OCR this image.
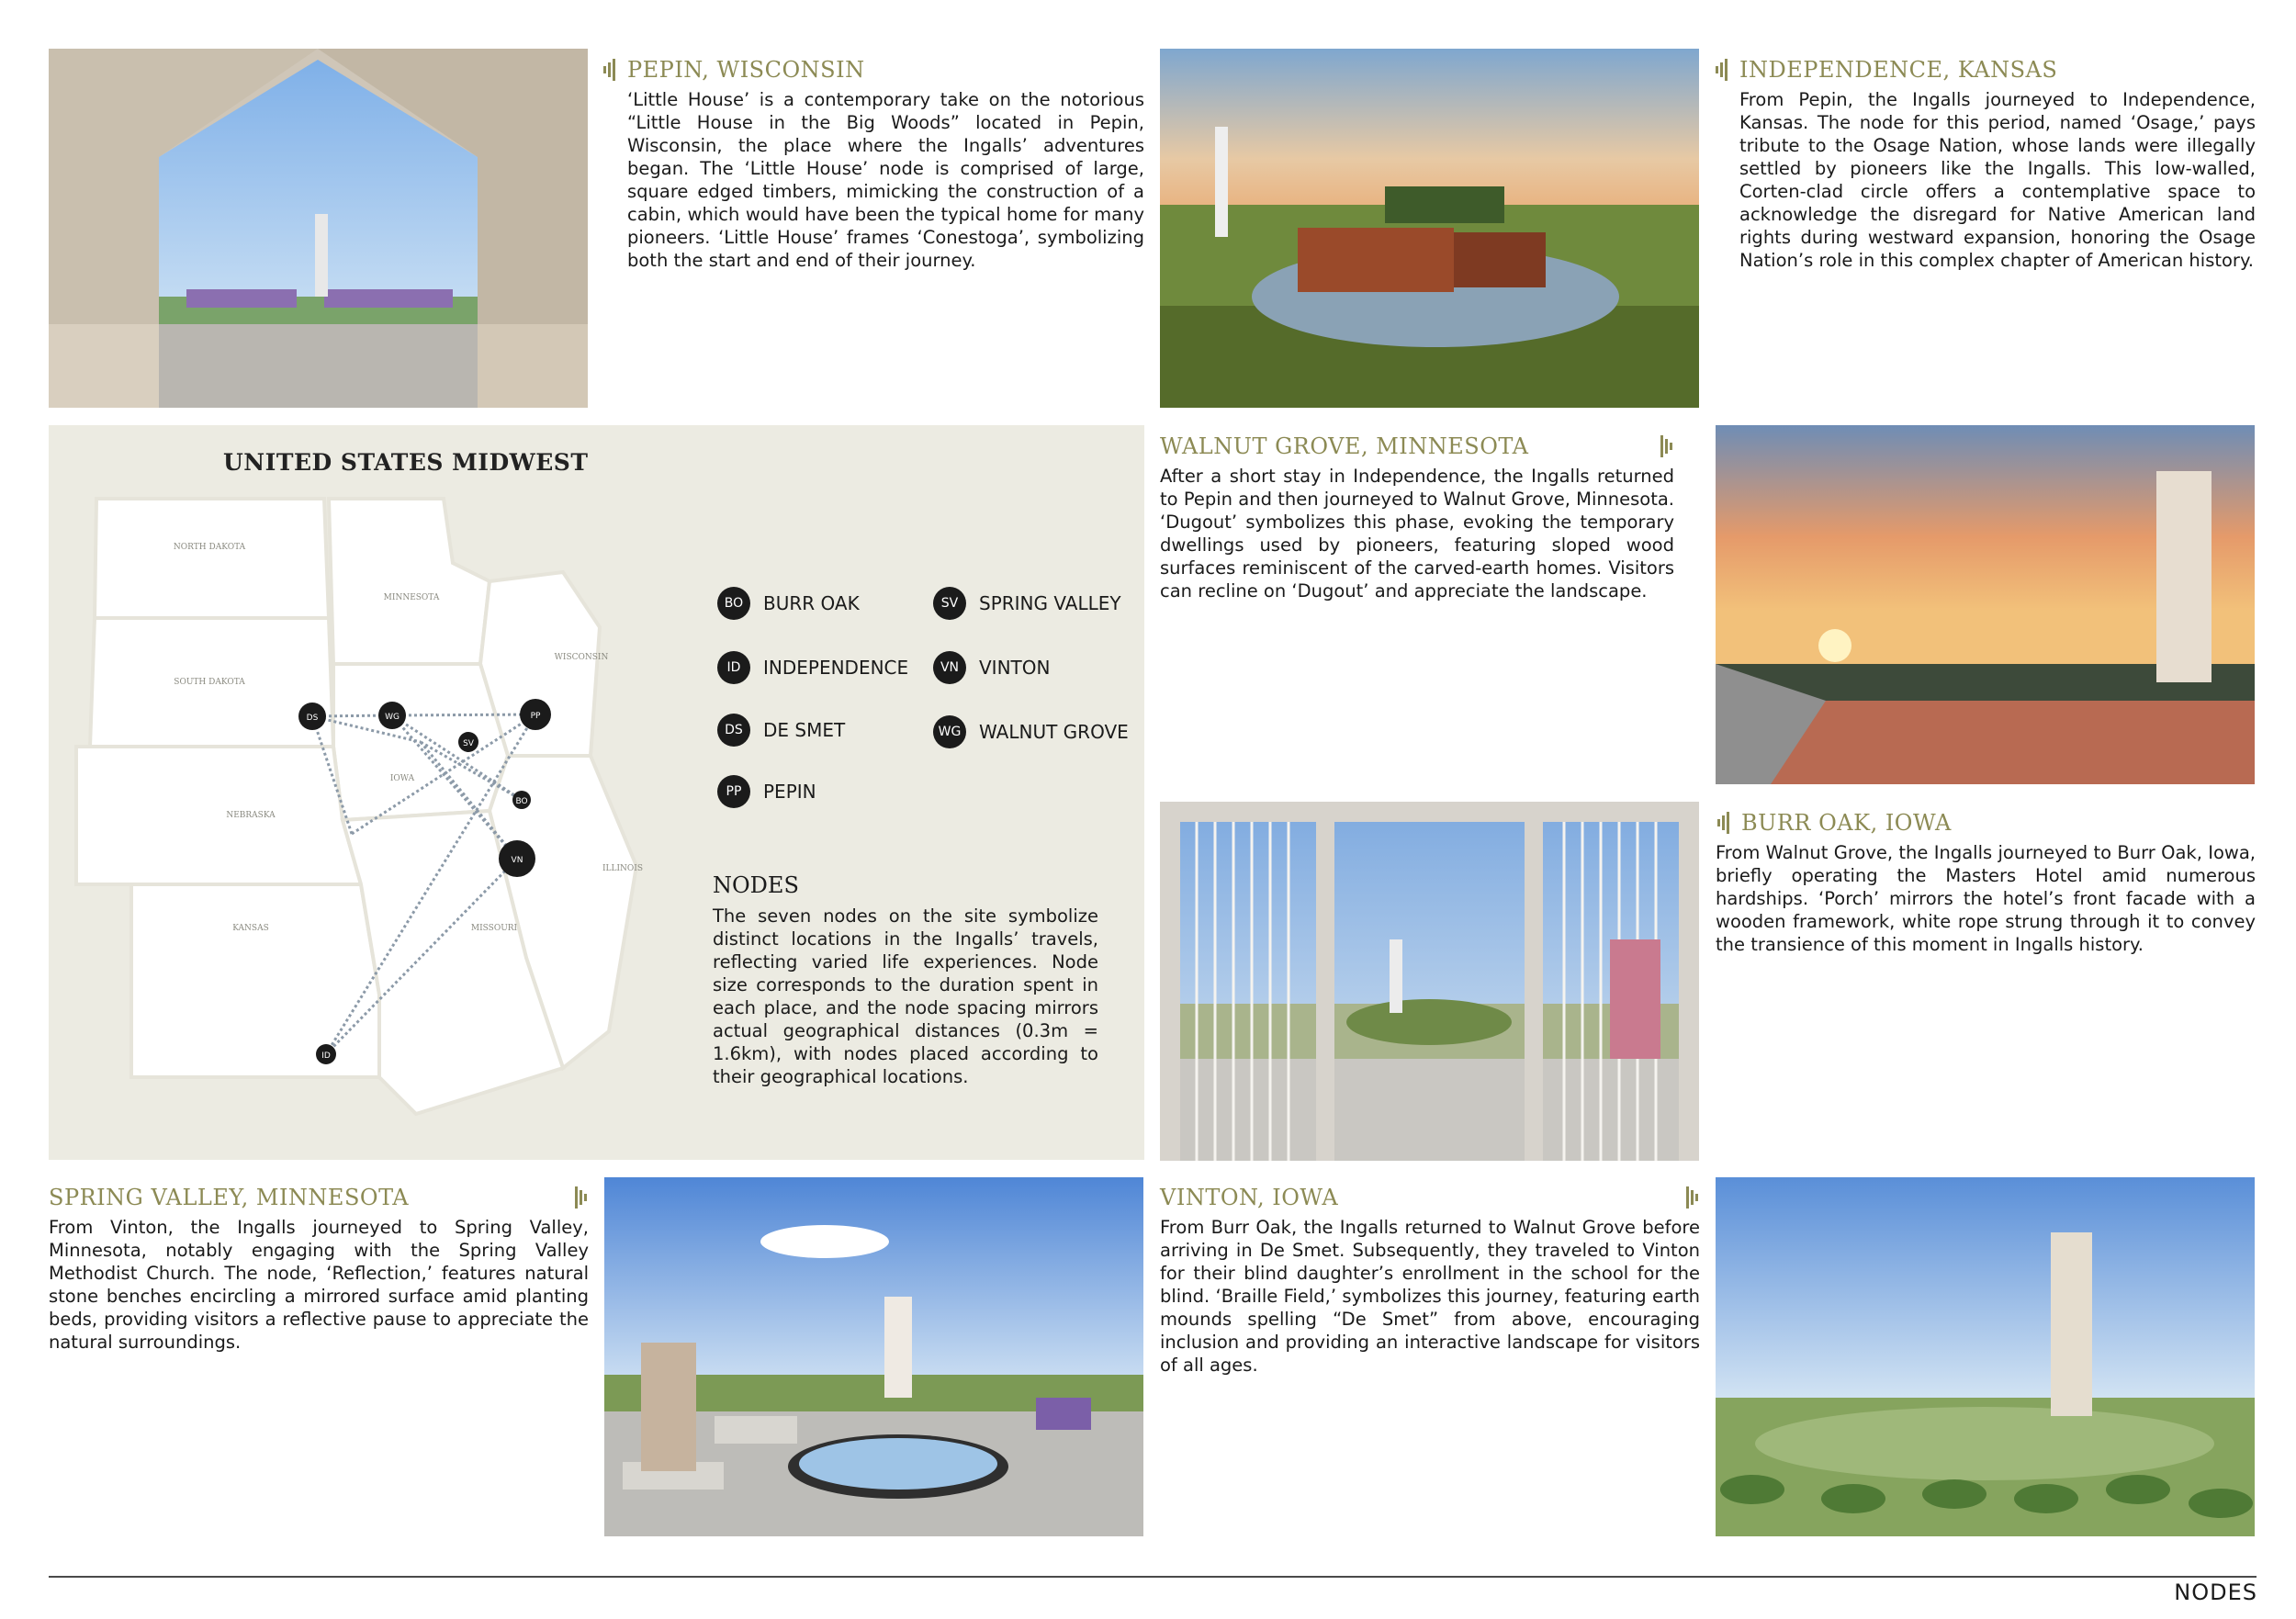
PEPIN, WISCONSIN
‘Little House’ is a contemporary take on the notorious “Little House in the Big Woods” located in Pepin, Wisconsin, the place where the Ingalls’ adventures began. The ‘Little House’ node is comprised of large, square edged timbers, mimicking the construction of a cabin, which would have been the typical home for many pioneers. ‘Little House’ frames ‘Conestoga’, symbolizing both the start and end of their journey.
INDEPENDENCE, KANSAS
From Pepin, the Ingalls journeyed to Independence, Kansas. The node for this period, named ‘Osage,’ pays tribute to the Osage Nation, whose lands were illegally settled by pioneers like the Ingalls. This low-walled, Corten-clad circle offers a contemplative space to acknowledge the disregard for Native American land rights during westward expansion, honoring the Osage Nation’s role in this complex chapter of American history.
UNITED STATES MIDWEST
NORTH DAKOTA
MINNESOTA
WISCONSIN
SOUTH DAKOTA
IOWA
NEBRASKA
ILLINOIS
KANSAS	MISSOURI
DS	WG	PP
SV
BO
VN
ID
BO	BURR OAK	SV	SPRING VALLEY
ID	INDEPENDENCE	VN	VINTON
DS	DE SMET	WG WALNUT GROVE
PP	PEPIN
NODES
The seven nodes on the site symbolize distinct locations in the Ingalls’ travels, reflecting varied life experiences. Node size corresponds to the duration spent in each place, and the node spacing mirrors actual geographical distances (0.3m = 1.6km), with nodes placed according to their geographical locations.
WALNUT GROVE, MINNESOTA
After a short stay in Independence, the Ingalls returned to Pepin and then journeyed to Walnut Grove, Minnesota. ‘Dugout’ symbolizes this phase, evoking the temporary dwellings used by pioneers, featuring sloped wood surfaces reminiscent of the carved-earth homes. Visitors can recline on ‘Dugout’ and appreciate the landscape.
BURR OAK, IOWA
From Walnut Grove, the Ingalls journeyed to Burr Oak, Iowa, briefly operating the Masters Hotel amid numerous hardships. ‘Porch’ mirrors the hotel’s front facade with a wooden framework, white rope strung through it to convey the transience of this moment in Ingalls history.
SPRING VALLEY, MINNESOTA
From Vinton, the Ingalls journeyed to Spring Valley, Minnesota, notably engaging with the Spring Valley Methodist Church. The node, ‘Reflection,’ features natural stone benches encircling a mirrored surface amid planting beds, providing visitors a reflective pause to appreciate the natural surroundings.
VINTON, IOWA
From Burr Oak, the Ingalls returned to Walnut Grove before arriving in De Smet. Subsequently, they traveled to Vinton for their blind daughter’s enrollment in the school for the blind. ‘Braille Field,’ symbolizes this journey, featuring earth mounds spelling “De Smet” from above, encouraging inclusion and providing an interactive landscape for visitors of all ages.
NODES
